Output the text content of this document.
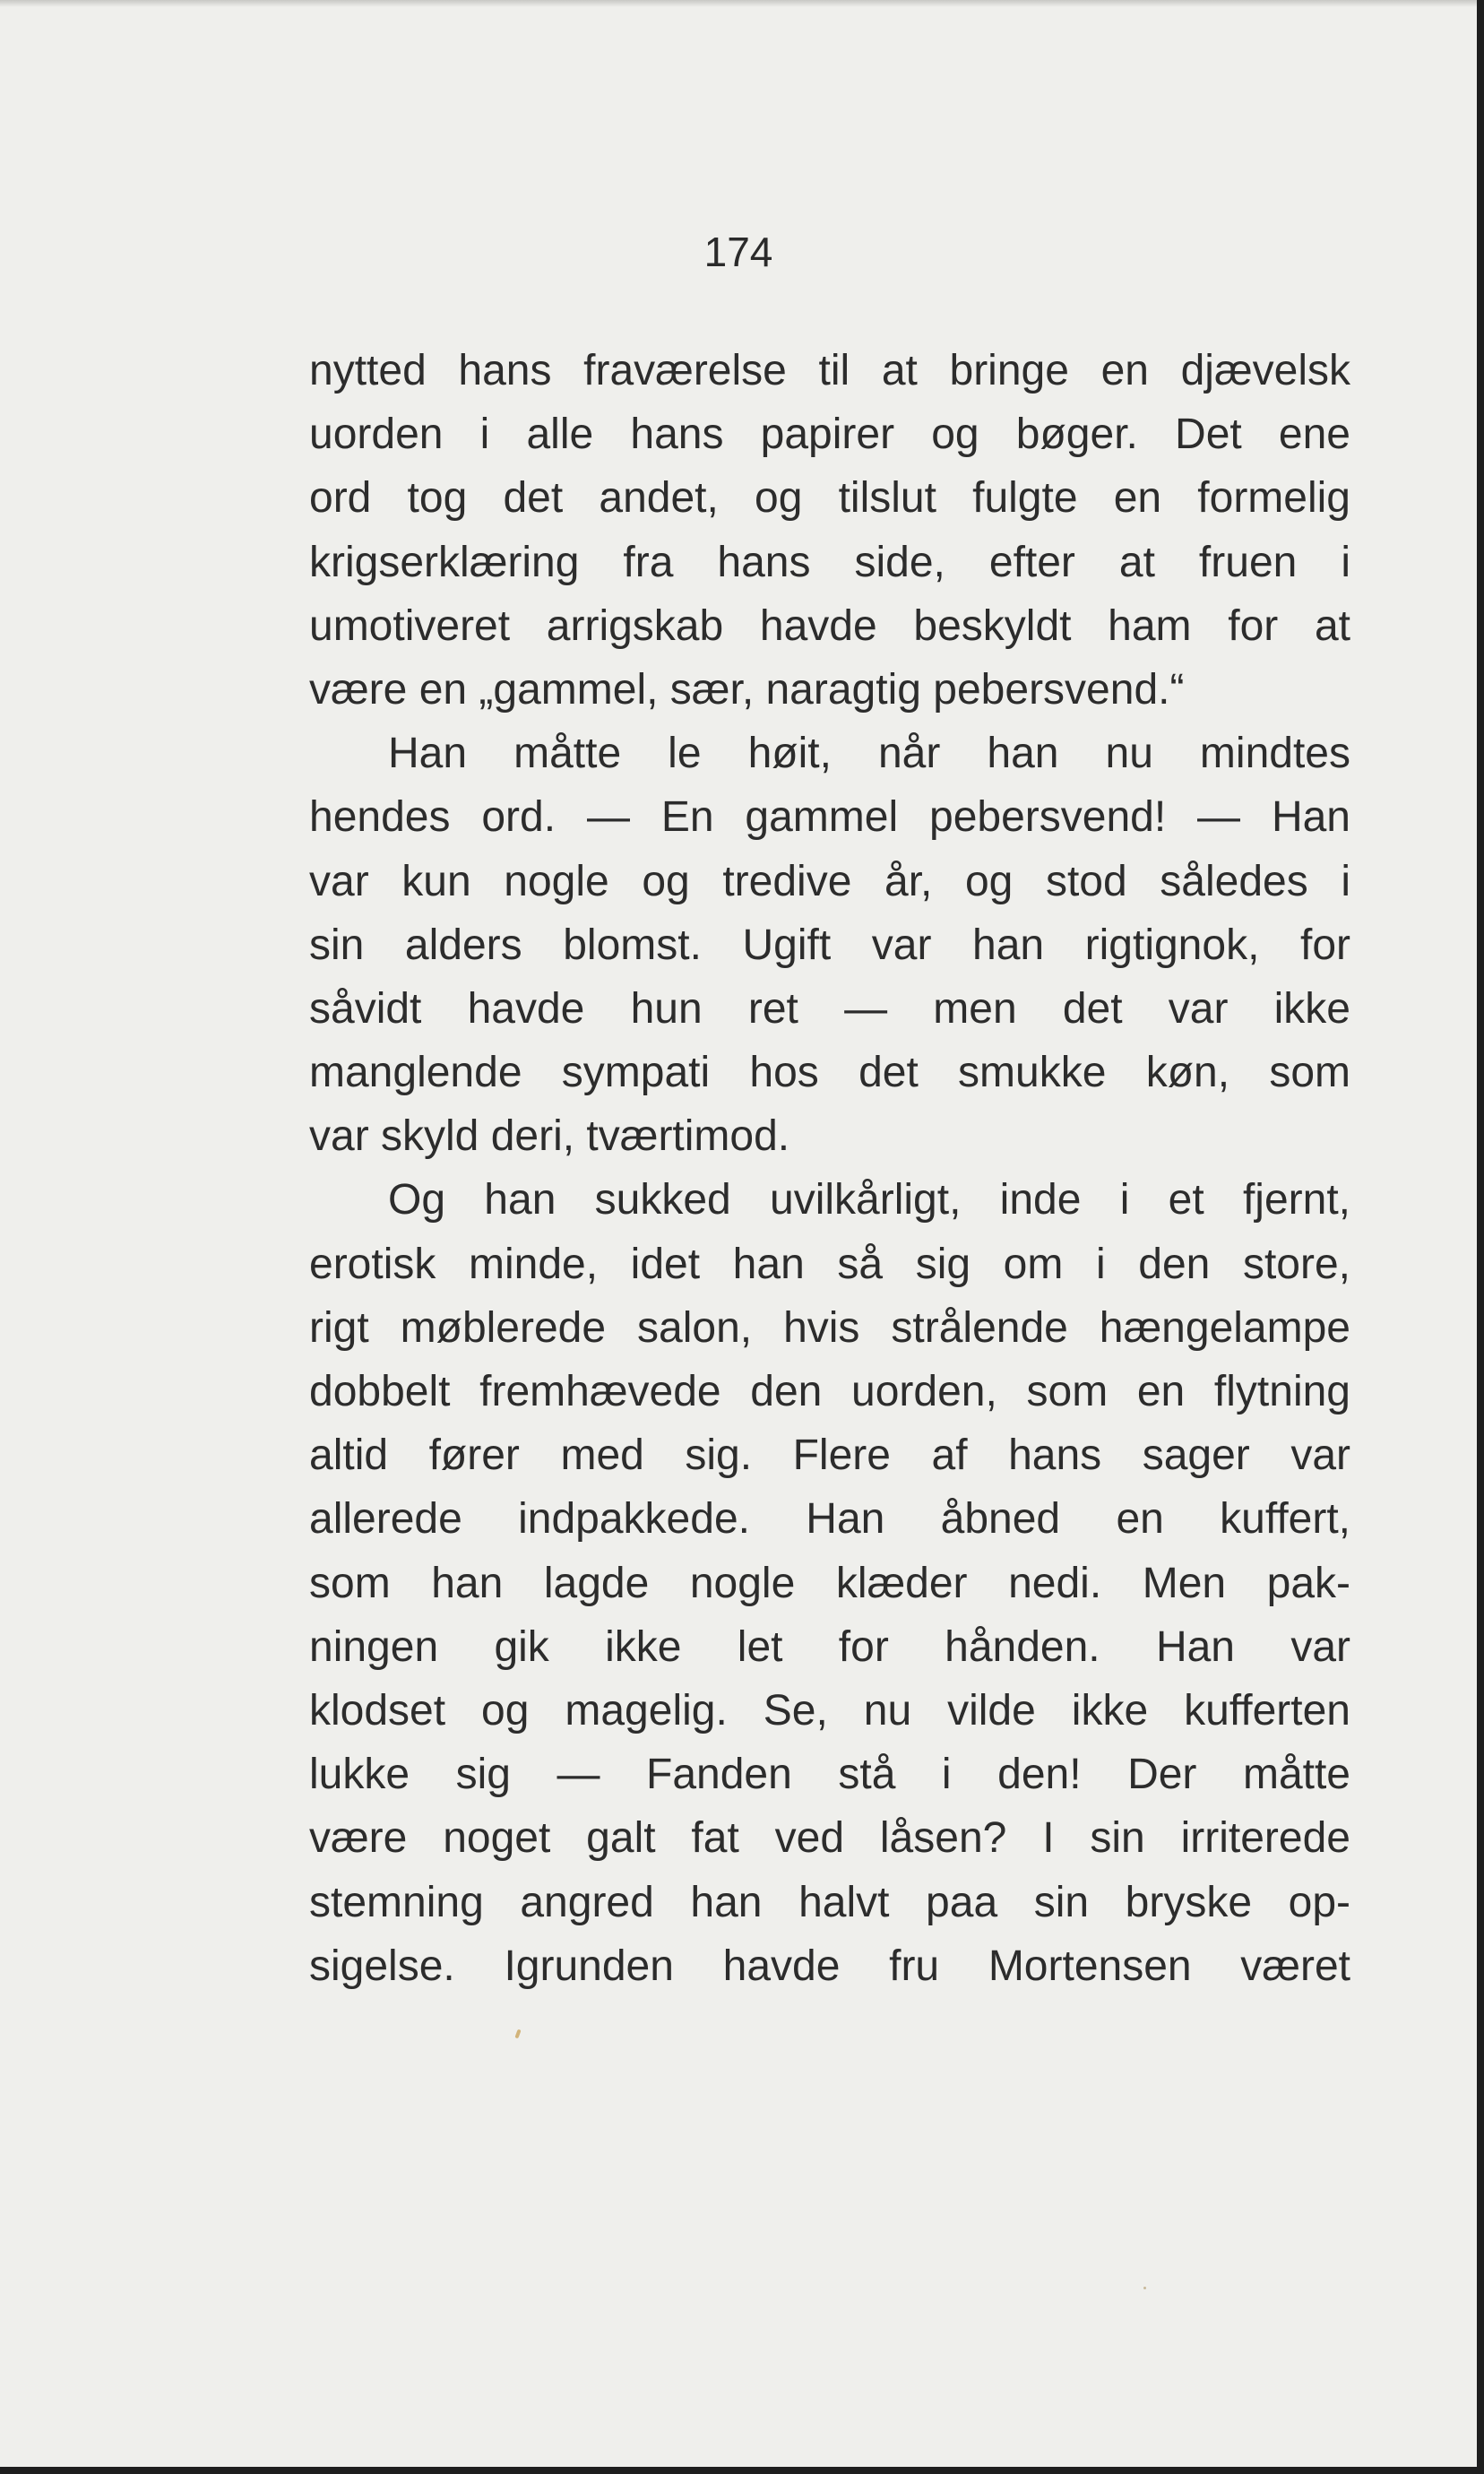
174
nytted hans fraværelse til at bringe en djævelsk
uorden i alle hans papirer og bøger. Det ene
ord tog det andet, og tilslut fulgte en formelig
krigserklæring fra hans side, efter at fruen i
umotiveret arrigskab havde beskyldt ham for at
være en „gammel, sær, naragtig pebersvend.“
Han måtte le høit, når han nu mindtes
hendes ord. — En gammel pebersvend! — Han
var kun nogle og tredive år, og stod således i
sin alders blomst. Ugift var han rigtignok, for
såvidt havde hun ret — men det var ikke
manglende sympati hos det smukke køn, som
var skyld deri, tværtimod.
Og han sukked uvilkårligt, inde i et fjernt,
erotisk minde, idet han så sig om i den store,
rigt møblerede salon, hvis strålende hængelampe
dobbelt fremhævede den uorden, som en flytning
altid fører med sig. Flere af hans sager var
allerede indpakkede. Han åbned en kuffert,
som han lagde nogle klæder nedi. Men pak-
ningen gik ikke let for hånden. Han var
klodset og magelig. Se, nu vilde ikke kufferten
lukke sig — Fanden stå i den! Der måtte
være noget galt fat ved låsen? I sin irriterede
stemning angred han halvt paa sin bryske op-
sigelse. Igrunden havde fru Mortensen været
